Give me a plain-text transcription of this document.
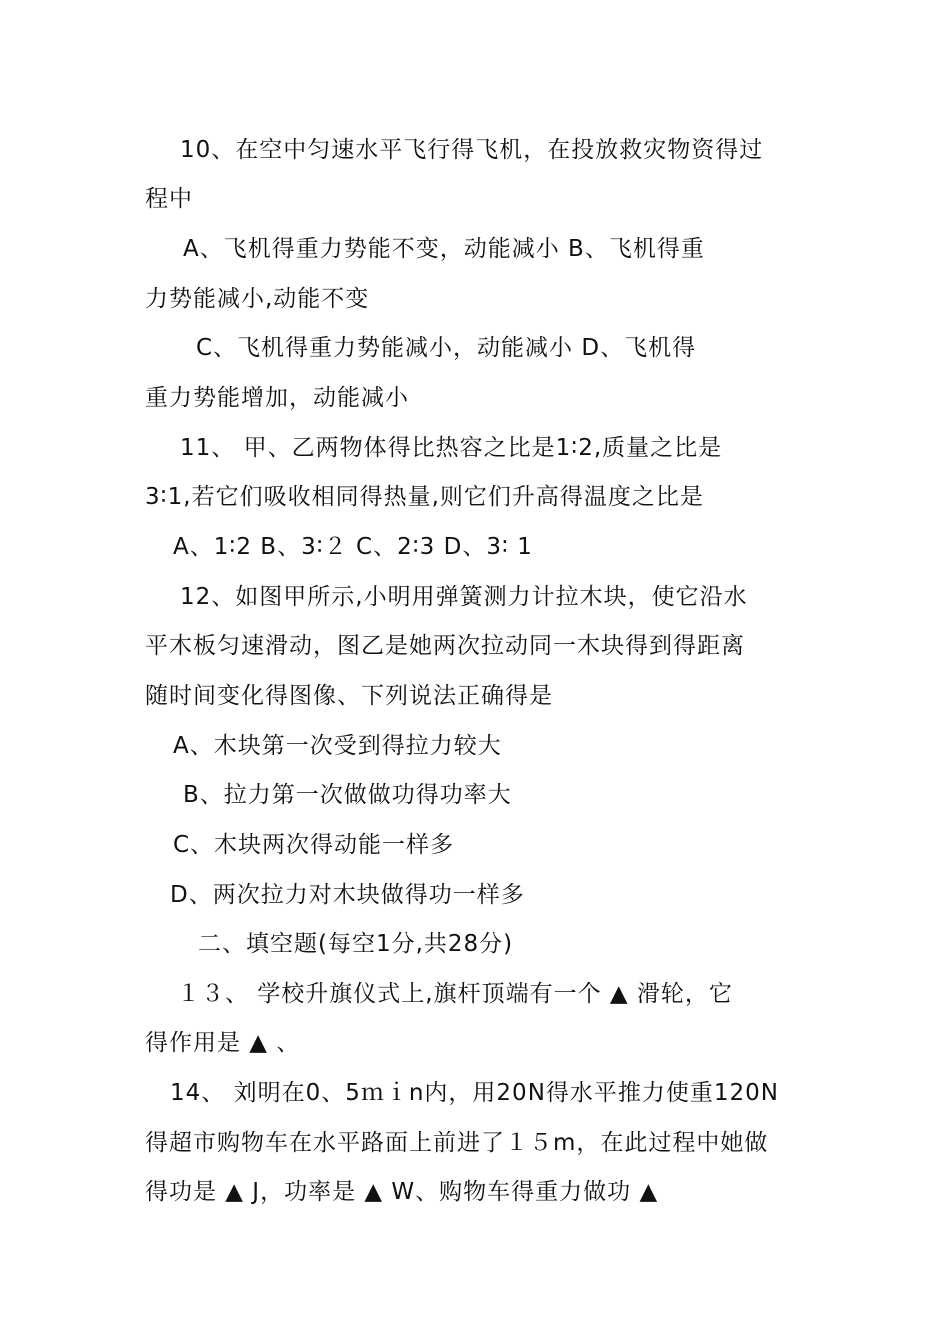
10、在空中匀速水平飞行得飞机，在投放救灾物资得过
程中
A、飞机得重力势能不变，动能减小 B、飞机得重
力势能减小,动能不变
C、飞机得重力势能减小，动能减小 D、飞机得
重力势能增加，动能减小
11、 甲、乙两物体得比热容之比是1∶2,质量之比是
3∶1,若它们吸收相同得热量,则它们升高得温度之比是
A、1∶2 B、3∶２ C、2∶3 D、3∶ 1
12、如图甲所示,小明用弹簧测力计拉木块，使它沿水
平木板匀速滑动，图乙是她两次拉动同一木块得到得距离
随时间变化得图像、下列说法正确得是
A、木块第一次受到得拉力较大
B、拉力第一次做做功得功率大
C、木块两次得动能一样多
D、两次拉力对木块做得功一样多
二、填空题(每空1分,共28分)
１３、 学校升旗仪式上,旗杆顶端有一个 ▲ 滑轮，它
得作用是 ▲ 、
14、 刘明在0、5ｍｉn内，用20N得水平推力使重120N
得超市购物车在水平路面上前进了１５m，在此过程中她做
得功是 ▲ J，功率是 ▲ W、购物车得重力做功 ▲
